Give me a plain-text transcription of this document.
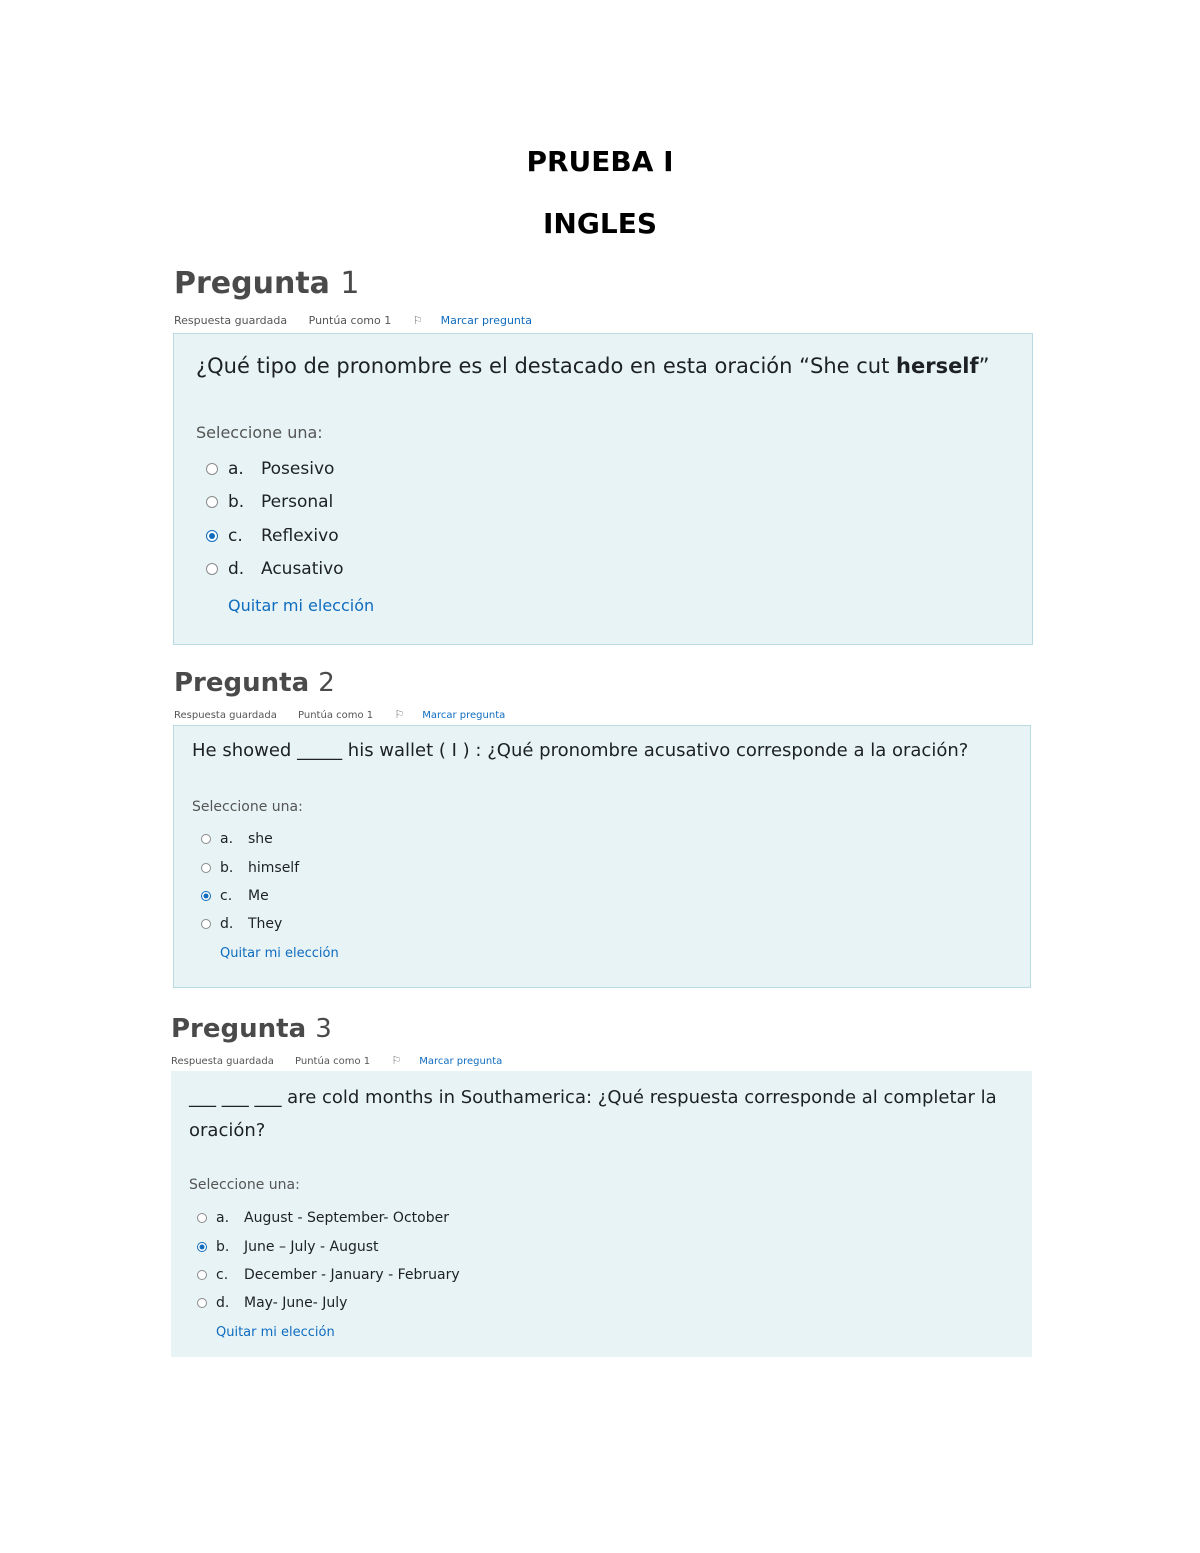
PRUEBA I
INGLES
Pregunta 1
Respuesta guardada Puntúa como 1 ⚐ Marcar pregunta

¿Qué tipo de pronombre es el destacado en esta oración “She cut herself”

Seleccione una:

a.	Posesivo
b. Personal
c.	Reflexivo
d. Acusativo
Quitar mi elección
Pregunta 2
Respuesta guardada Puntúa como 1 ⚐ Marcar pregunta

He showed _____ his wallet ( I ) : ¿Qué pronombre acusativo corresponde a la oración?

Seleccione una:

a.	she
b.	himself
c.	Me
d.	They
Quitar mi elección
Pregunta 3
Respuesta guardada Puntúa como 1 ⚐ Marcar pregunta

___ ___ ___ are cold months in Southamerica: ¿Qué respuesta corresponde al completar la

oración?

Seleccione una:

a.	August - September- October
b.	June – July - August
c.	December - January - February
d.	May- June- July
Quitar mi elección
